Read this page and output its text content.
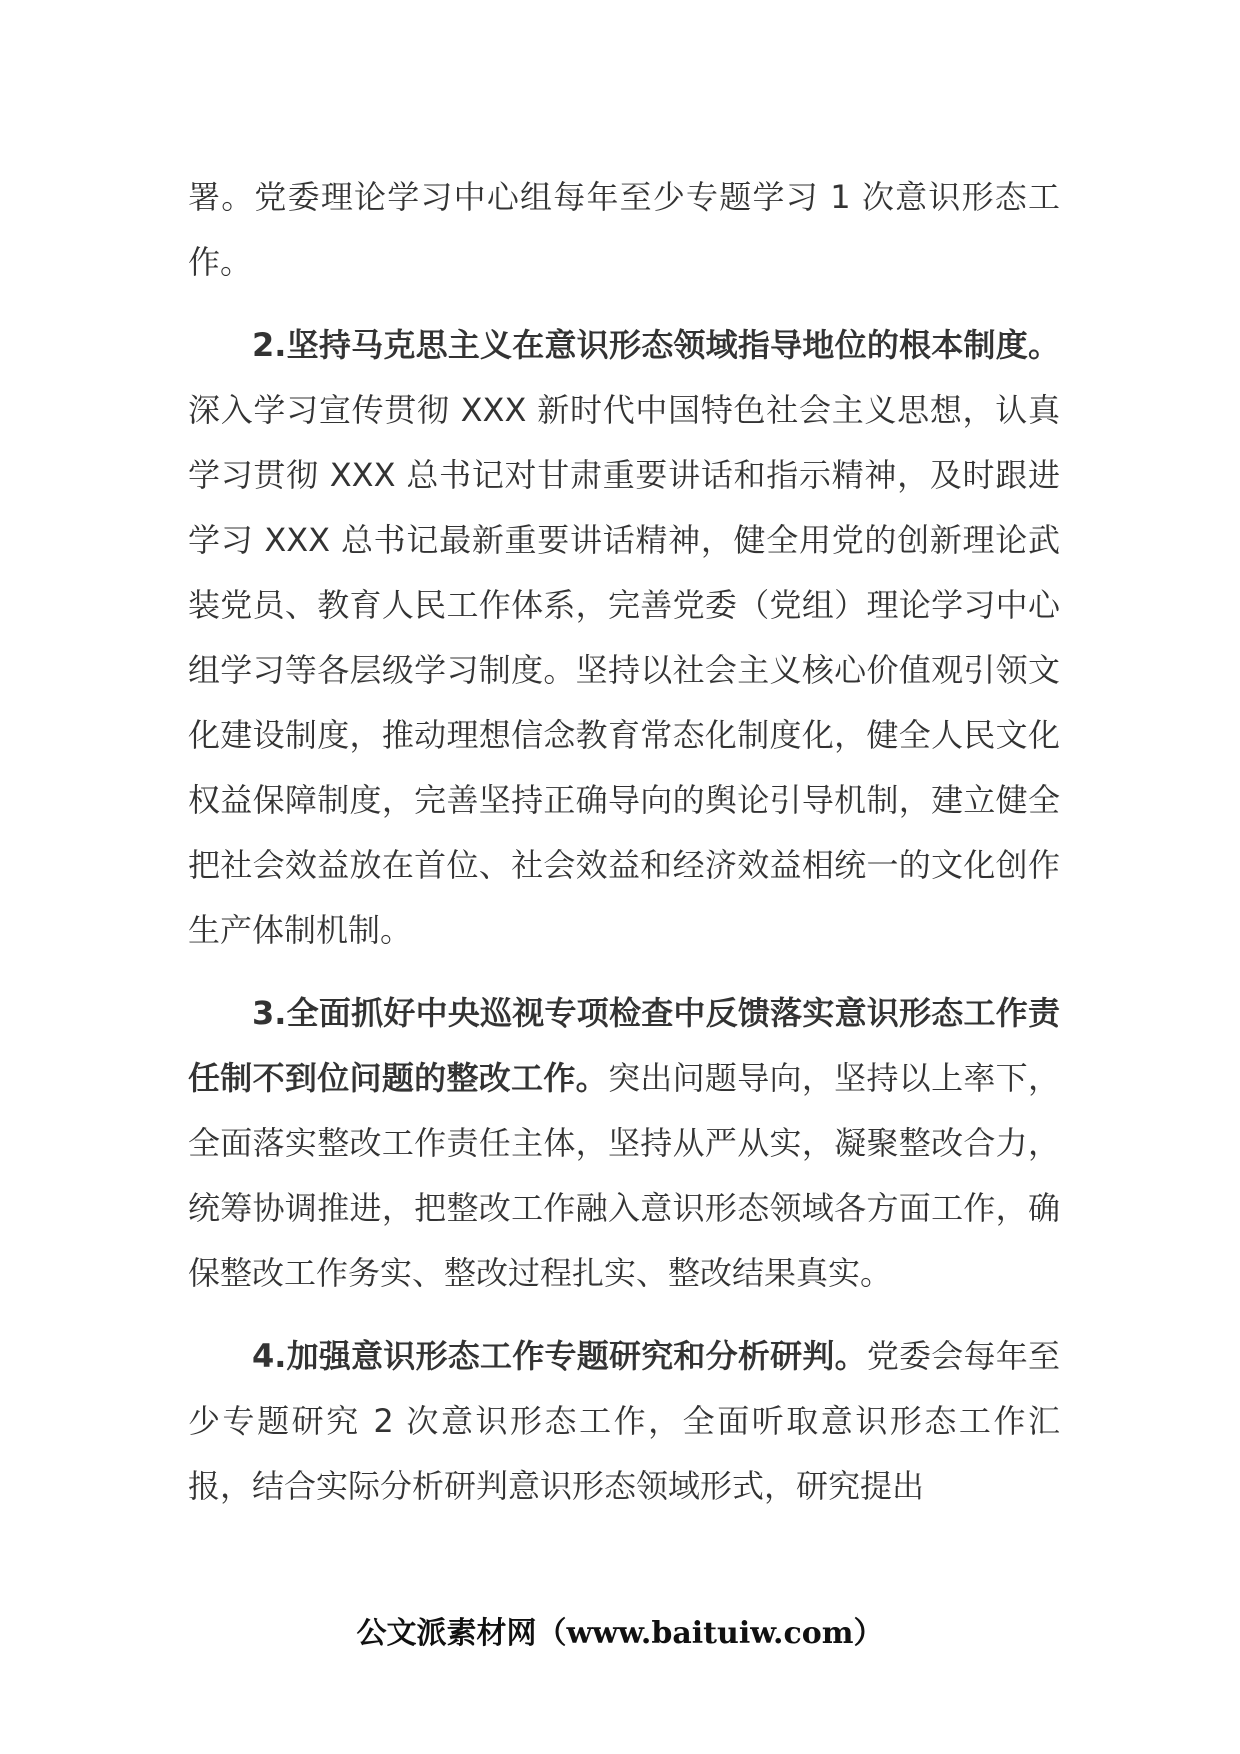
署。党委理论学习中心组每年至少专题学习 1 次意识形态工作。

2.坚持马克思主义在意识形态领域指导地位的根本制度。深入学习宣传贯彻 XXX 新时代中国特色社会主义思想，认真学习贯彻 XXX 总书记对甘肃重要讲话和指示精神，及时跟进学习 XXX 总书记最新重要讲话精神，健全用党的创新理论武装党员、教育人民工作体系，完善党委（党组）理论学习中心组学习等各层级学习制度。坚持以社会主义核心价值观引领文化建设制度，推动理想信念教育常态化制度化，健全人民文化权益保障制度，完善坚持正确导向的舆论引导机制，建立健全把社会效益放在首位、社会效益和经济效益相统一的文化创作生产体制机制。

3.全面抓好中央巡视专项检查中反馈落实意识形态工作责任制不到位问题的整改工作。突出问题导向，坚持以上率下，全面落实整改工作责任主体，坚持从严从实，凝聚整改合力，统筹协调推进，把整改工作融入意识形态领域各方面工作，确保整改工作务实、整改过程扎实、整改结果真实。

4.加强意识形态工作专题研究和分析研判。党委会每年至少专题研究 2 次意识形态工作，全面听取意识形态工作汇报，结合实际分析研判意识形态领域形式，研究提出

公文派素材网（www.baituiw.com）
